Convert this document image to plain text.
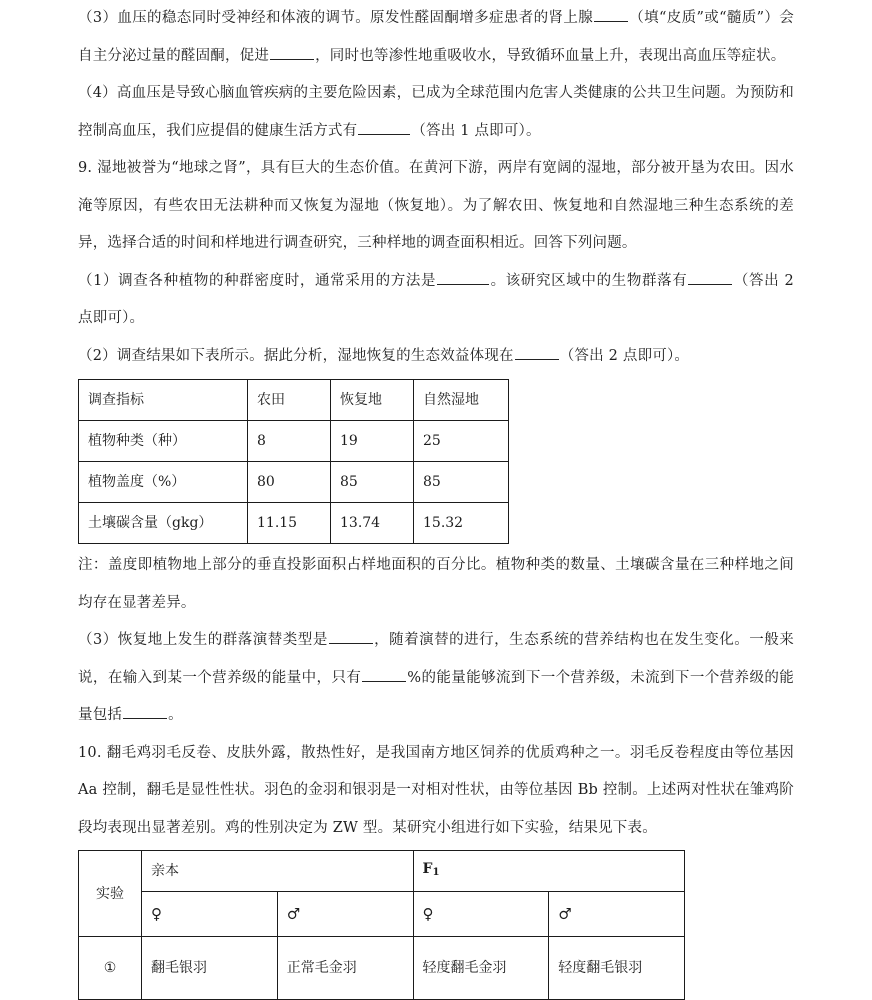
（3）血压的稳态同时受神经和体液的调节。原发性醛固酮增多症患者的肾上腺 （填“皮质”或“髓质”）会自主分泌过量的醛固酮，促进	，同时也等渗性地重吸收水，导致循环血量上升，表现出高血压等症状。

（4）高血压是导致心脑血管疾病的主要危险因素，已成为全球范围内危害人类健康的公共卫生问题。为预防和控制高血压，我们应提倡的健康生活方式有	（答出 1 点即可）。

9. 湿地被誉为“地球之肾”，具有巨大的生态价值。在黄河下游，两岸有宽阔的湿地，部分被开垦为农田。因水淹等原因，有些农田无法耕种而又恢复为湿地（恢复地）。为了解农田、恢复地和自然湿地三种生态系统的差异，选择合适的时间和样地进行调查研究，三种样地的调查面积相近。回答下列问题。

（1）调查各种植物的种群密度时，通常采用的方法是	。该研究区域中的生物群落有	（答出 2 点即可）。

（2）调查结果如下表所示。据此分析，湿地恢复的生态效益体现在	（答出 2 点即可）。

调查指标	农田	恢复地	自然湿地
植物种类（种）	8	19	25
植物盖度（%）	80	85	85
土壤碳含量（gkg）	11.15	13.74	15.32

注：盖度即植物地上部分的垂直投影面积占样地面积的百分比。植物种类的数量、土壤碳含量在三种样地之间均存在显著差异。

（3）恢复地上发生的群落演替类型是	，随着演替的进行，生态系统的营养结构也在发生变化。一般来说，在输入到某一个营养级的能量中，只有	%的能量能够流到下一个营养级，未流到下一个营养级的能量包括	。

10. 翻毛鸡羽毛反卷、皮肤外露，散热性好，是我国南方地区饲养的优质鸡种之一。羽毛反卷程度由等位基因 Aa 控制，翻毛是显性性状。羽色的金羽和银羽是一对相对性状，由等位基因 Bb 控制。上述两对性状在雏鸡阶段均表现出显著差别。鸡的性别决定为 ZW 型。某研究小组进行如下实验，结果见下表。

实验	亲本		$F_1$
	♀	♂	♀	♂
①	翻毛银羽	正常毛金羽	轻度翻毛金羽	轻度翻毛银羽
